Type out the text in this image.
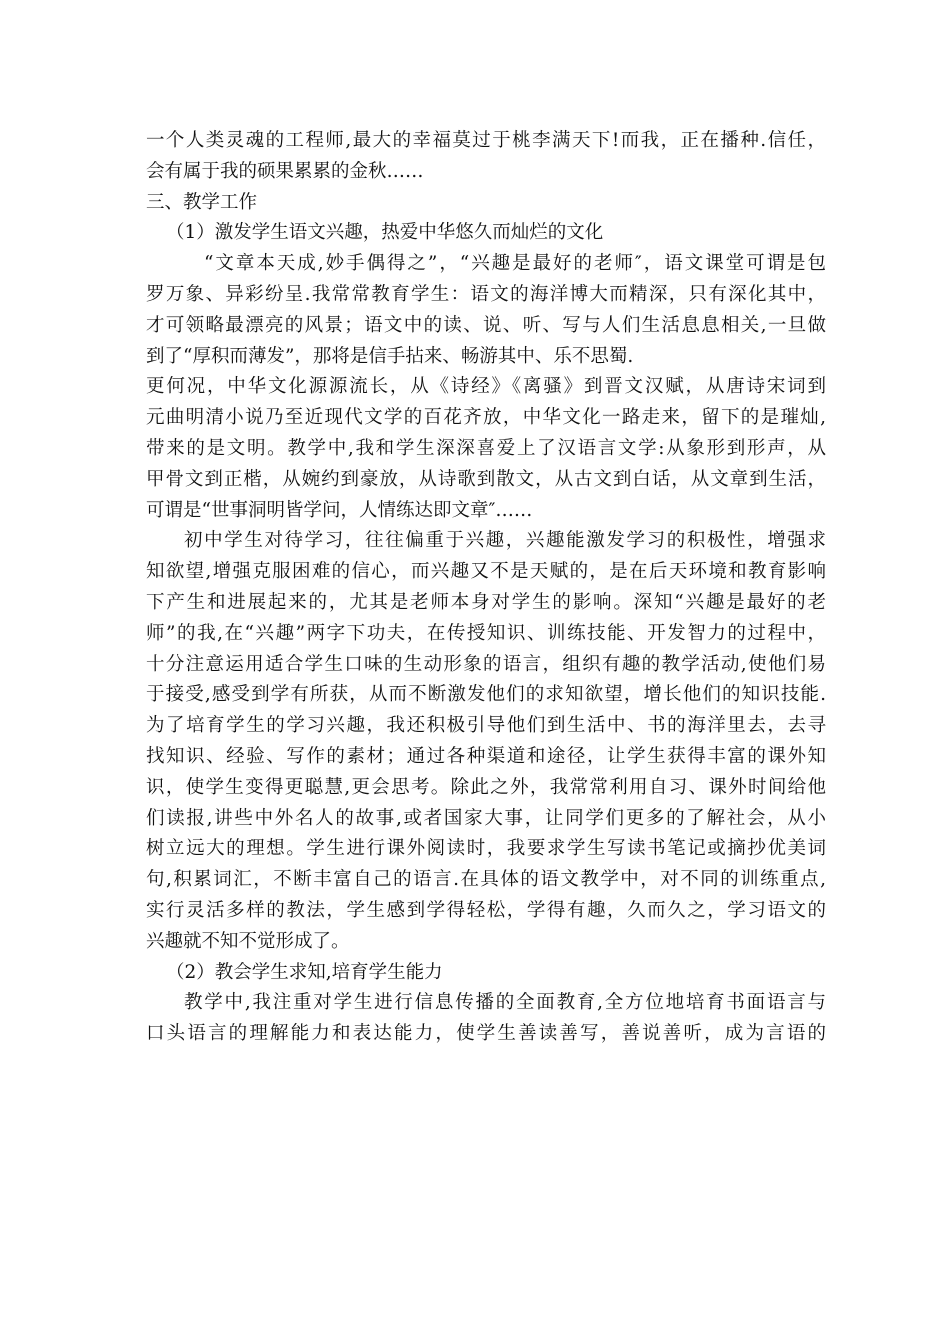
一个人类灵魂的工程师,最大的幸福莫过于桃李满天下!而我，正在播种.信任，
会有属于我的硕果累累的金秋……
三、教学工作
（1）激发学生语文兴趣，热爱中华悠久而灿烂的文化
“文章本天成,妙手偶得之”，“兴趣是最好的老师″，语文课堂可谓是包
罗万象、异彩纷呈.我常常教育学生：语文的海洋博大而精深，只有深化其中，
才可领略最漂亮的风景；语文中的读、说、听、写与人们生活息息相关,一旦做
到了“厚积而薄发”，那将是信手拈来、畅游其中、乐不思蜀.
更何况，中华文化源源流长，从《诗经》《离骚》到晋文汉赋，从唐诗宋词到
元曲明清小说乃至近现代文学的百花齐放，中华文化一路走来，留下的是璀灿,
带来的是文明。教学中,我和学生深深喜爱上了汉语言文学:从象形到形声，从
甲骨文到正楷，从婉约到豪放，从诗歌到散文，从古文到白话，从文章到生活，
可谓是“世事洞明皆学问，人情练达即文章″……
初中学生对待学习，往往偏重于兴趣，兴趣能激发学习的积极性，增强求
知欲望,增强克服困难的信心，而兴趣又不是天赋的，是在后天环境和教育影响
下产生和进展起来的，尤其是老师本身对学生的影响。深知“兴趣是最好的老
师”的我,在“兴趣”两字下功夫，在传授知识、训练技能、开发智力的过程中，
十分注意运用适合学生口味的生动形象的语言，组织有趣的教学活动,使他们易
于接受,感受到学有所获，从而不断激发他们的求知欲望，增长他们的知识技能.
为了培育学生的学习兴趣，我还积极引导他们到生活中、书的海洋里去，去寻
找知识、经验、写作的素材；通过各种渠道和途径，让学生获得丰富的课外知
识，使学生变得更聪慧,更会思考。除此之外，我常常利用自习、课外时间给他
们读报,讲些中外名人的故事,或者国家大事，让同学们更多的了解社会，从小
树立远大的理想。学生进行课外阅读时，我要求学生写读书笔记或摘抄优美词
句,积累词汇，不断丰富自己的语言.在具体的语文教学中，对不同的训练重点,
实行灵活多样的教法，学生感到学得轻松，学得有趣，久而久之，学习语文的
兴趣就不知不觉形成了。
（2）教会学生求知,培育学生能力
教学中,我注重对学生进行信息传播的全面教育,全方位地培育书面语言与
口头语言的理解能力和表达能力，使学生善读善写，善说善听，成为言语的
